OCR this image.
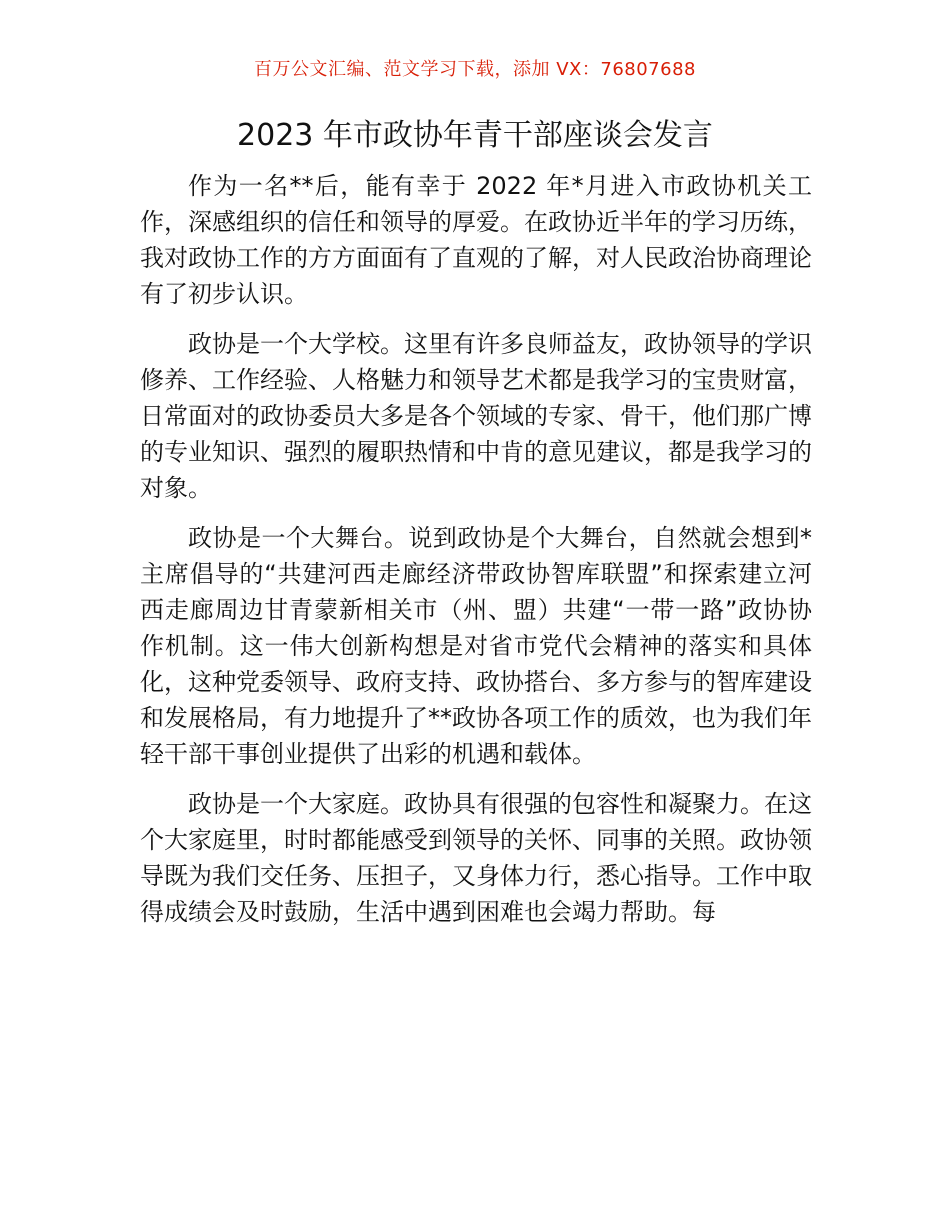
百万公文汇编、范文学习下载，添加 VX：76807688
2023 年市政协年青干部座谈会发言

作为一名**后，能有幸于 2022 年*月进入市政协机关工作，深感组织的信任和领导的厚爱。在政协近半年的学习历练，我对政协工作的方方面面有了直观的了解，对人民政治协商理论有了初步认识。

政协是一个大学校。这里有许多良师益友，政协领导的学识修养、工作经验、人格魅力和领导艺术都是我学习的宝贵财富，日常面对的政协委员大多是各个领域的专家、骨干，他们那广博的专业知识、强烈的履职热情和中肯的意见建议，都是我学习的对象。

政协是一个大舞台。说到政协是个大舞台，自然就会想到*主席倡导的“共建河西走廊经济带政协智库联盟”和探索建立河西走廊周边甘青蒙新相关市（州、盟）共建“一带一路”政协协作机制。这一伟大创新构想是对省市党代会精神的落实和具体化，这种党委领导、政府支持、政协搭台、多方参与的智库建设和发展格局，有力地提升了**政协各项工作的质效，也为我们年轻干部干事创业提供了出彩的机遇和载体。

政协是一个大家庭。政协具有很强的包容性和凝聚力。在这个大家庭里，时时都能感受到领导的关怀、同事的关照。政协领导既为我们交任务、压担子，又身体力行，悉心指导。工作中取得成绩会及时鼓励，生活中遇到困难也会竭力帮助。每
